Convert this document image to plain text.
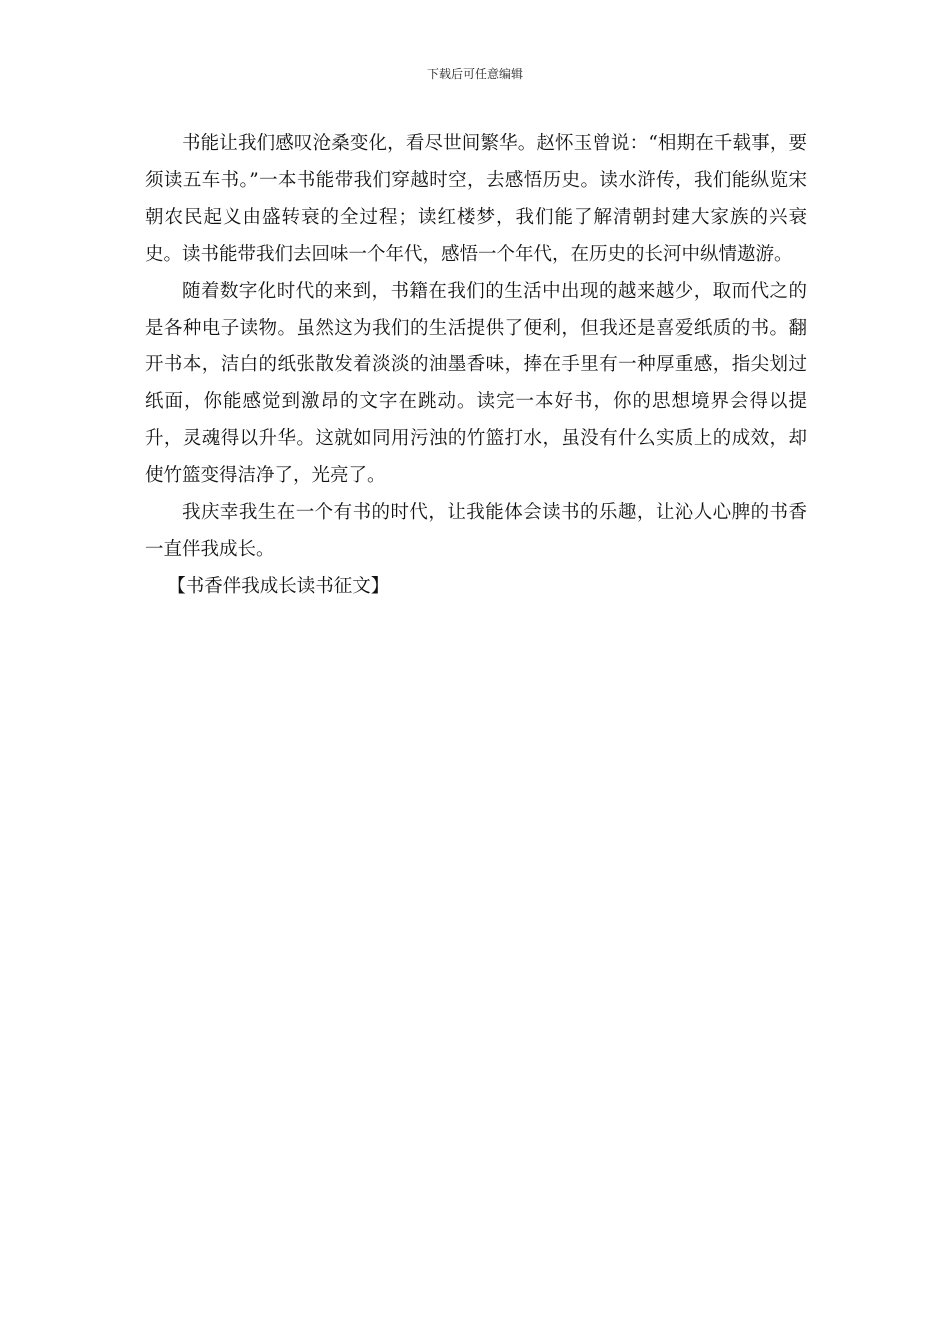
下载后可任意编辑

书能让我们感叹沧桑变化，看尽世间繁华。赵怀玉曾说：“相期在千载事，要须读五车书。”一本书能带我们穿越时空，去感悟历史。读水浒传，我们能纵览宋朝农民起义由盛转衰的全过程；读红楼梦，我们能了解清朝封建大家族的兴衰史。读书能带我们去回味一个年代，感悟一个年代，在历史的长河中纵情遨游。

随着数字化时代的来到，书籍在我们的生活中出现的越来越少，取而代之的是各种电子读物。虽然这为我们的生活提供了便利，但我还是喜爱纸质的书。翻开书本，洁白的纸张散发着淡淡的油墨香味，捧在手里有一种厚重感，指尖划过纸面，你能感觉到激昂的文字在跳动。读完一本好书，你的思想境界会得以提升，灵魂得以升华。这就如同用污浊的竹篮打水，虽没有什么实质上的成效，却使竹篮变得洁净了，光亮了。

我庆幸我生在一个有书的时代，让我能体会读书的乐趣，让沁人心脾的书香一直伴我成长。

【书香伴我成长读书征文】
